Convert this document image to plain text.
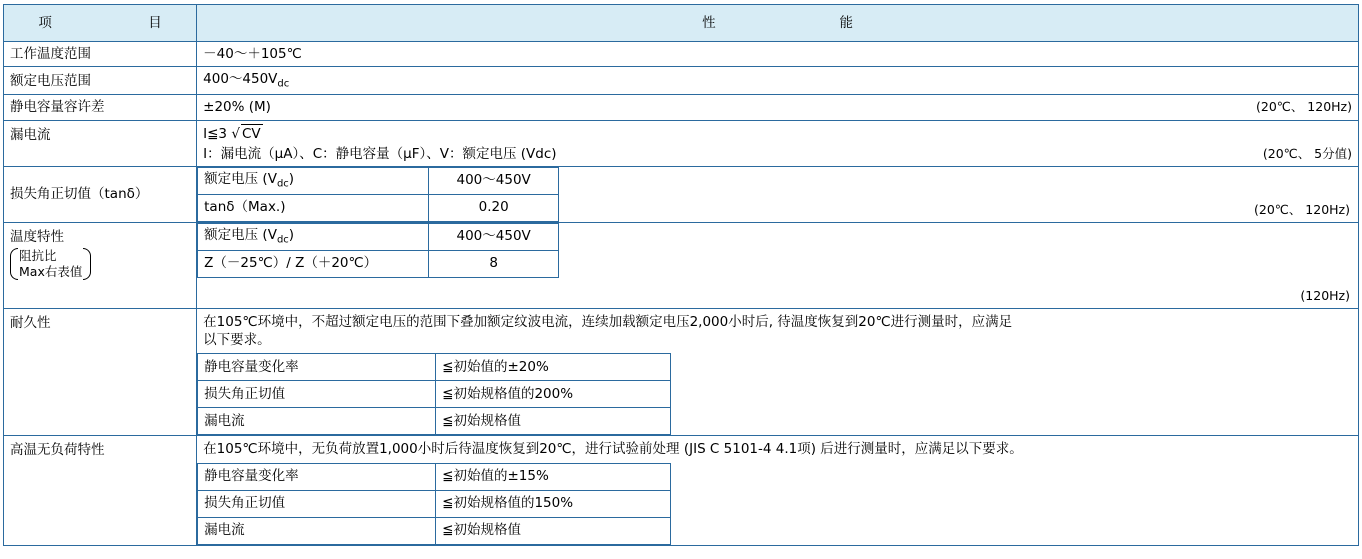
项　　　目	性　　　　能
工作温度范围	－40～＋105℃
额定电压范围	$400\sim 450V_{dc}$
静电容量容许差	±20% (M)	(20℃、 120Hz)

漏电流	I≦3 √ CV
I：漏电流（μA）、C：静电容量（μF）、V：额定电压 (Vdc)	(20℃、 5分值)

损失角正切值（tanδ）	
额定电压 $(V_{dc})$	400～450V
tanδ（Max.)	0.20	(20℃、 120Hz)

温度特性
阻抗比
Max右表值

额定电压 $(V_{dc})$	400～450V
Z（－25℃）/ Z（＋20℃）	8
(120Hz)

耐久性	在105℃环境中，不超过额定电压的范围下叠加额定纹波电流，连续加载额定电压2,000小时后, 待温度恢复到20℃进行测量时，应满足
以下要求。
静电容量变化率	≦初始值的±20%
损失角正切值	≦初始规格值的200%
漏电流	≦初始规格值

高温无负荷特性	在105℃环境中，无负荷放置1,000小时后待温度恢复到20℃，进行试验前处理 (JIS C 5101-4 4.1项) 后进行测量时，应满足以下要求。
静电容量变化率	≦初始值的±15%
损失角正切值	≦初始规格值的150%
漏电流	≦初始规格值
